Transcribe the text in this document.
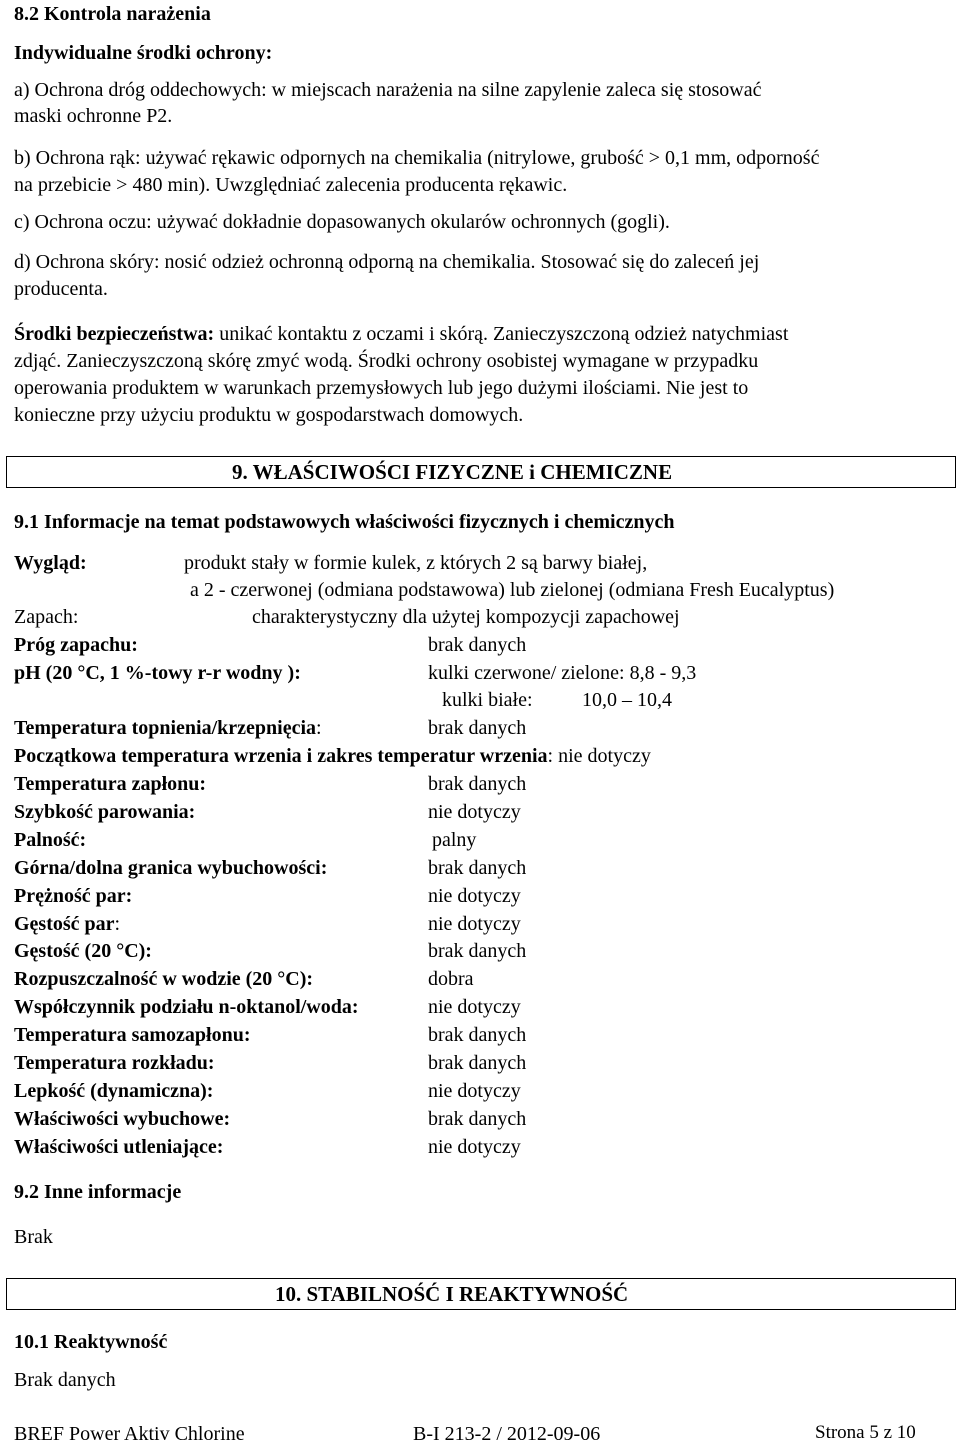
8.2 Kontrola narażenia
Indywidualne środki ochrony:
a) Ochrona dróg oddechowych: w miejscach narażenia na silne zapylenie zaleca się stosować
maski ochronne P2.
b) Ochrona rąk: używać rękawic odpornych na chemikalia (nitrylowe, grubość > 0,1 mm, odporność
na przebicie > 480 min). Uwzględniać zalecenia producenta rękawic.
c) Ochrona oczu: używać dokładnie dopasowanych okularów ochronnych (gogli).
d) Ochrona skóry: nosić odzież ochronną odporną na chemikalia. Stosować się do zaleceń jej
producenta.
Środki bezpieczeństwa: unikać kontaktu z oczami i skórą. Zanieczyszczoną odzież natychmiast
zdjąć. Zanieczyszczoną skórę zmyć wodą. Środki ochrony osobistej wymagane w przypadku
operowania produktem w warunkach przemysłowych lub jego dużymi ilościami. Nie jest to
konieczne przy użyciu produktu w gospodarstwach domowych.
9. WŁAŚCIWOŚCI FIZYCZNE i CHEMICZNE
9.1 Informacje na temat podstawowych właściwości fizycznych i chemicznych
Wygląd:	produkt stały w formie kulek, z których 2 są barwy białej,
a 2 - czerwonej (odmiana podstawowa) lub zielonej (odmiana Fresh Eucalyptus)
Zapach:	charakterystyczny dla użytej kompozycji zapachowej
Próg zapachu:	brak danych
pH (20 °C, 1 %-towy r-r wodny ):	kulki czerwone/ zielone: 8,8 - 9,3
kulki białe: 10,0 – 10,4
Temperatura topnienia/krzepnięcia:	brak danych
Początkowa temperatura wrzenia i zakres temperatur wrzenia: nie dotyczy
Temperatura zapłonu:	brak danych
Szybkość parowania:	nie dotyczy
Palność:	palny
Górna/dolna granica wybuchowości:	brak danych
Prężność par:	nie dotyczy
Gęstość par:	nie dotyczy
Gęstość (20 °C):	brak danych
Rozpuszczalność w wodzie (20 °C):	dobra
Współczynnik podziału n-oktanol/woda:	nie dotyczy
Temperatura samozapłonu:	brak danych
Temperatura rozkładu:	brak danych
Lepkość (dynamiczna):	nie dotyczy
Właściwości wybuchowe:	brak danych
Właściwości utleniające:	nie dotyczy
9.2 Inne informacje
Brak
10. STABILNOŚĆ I REAKTYWNOŚĆ
10.1 Reaktywność
Brak danych
BREF Power Aktiv Chlorine	B-I 213-2 / 2012-09-06	Strona 5 z 10
